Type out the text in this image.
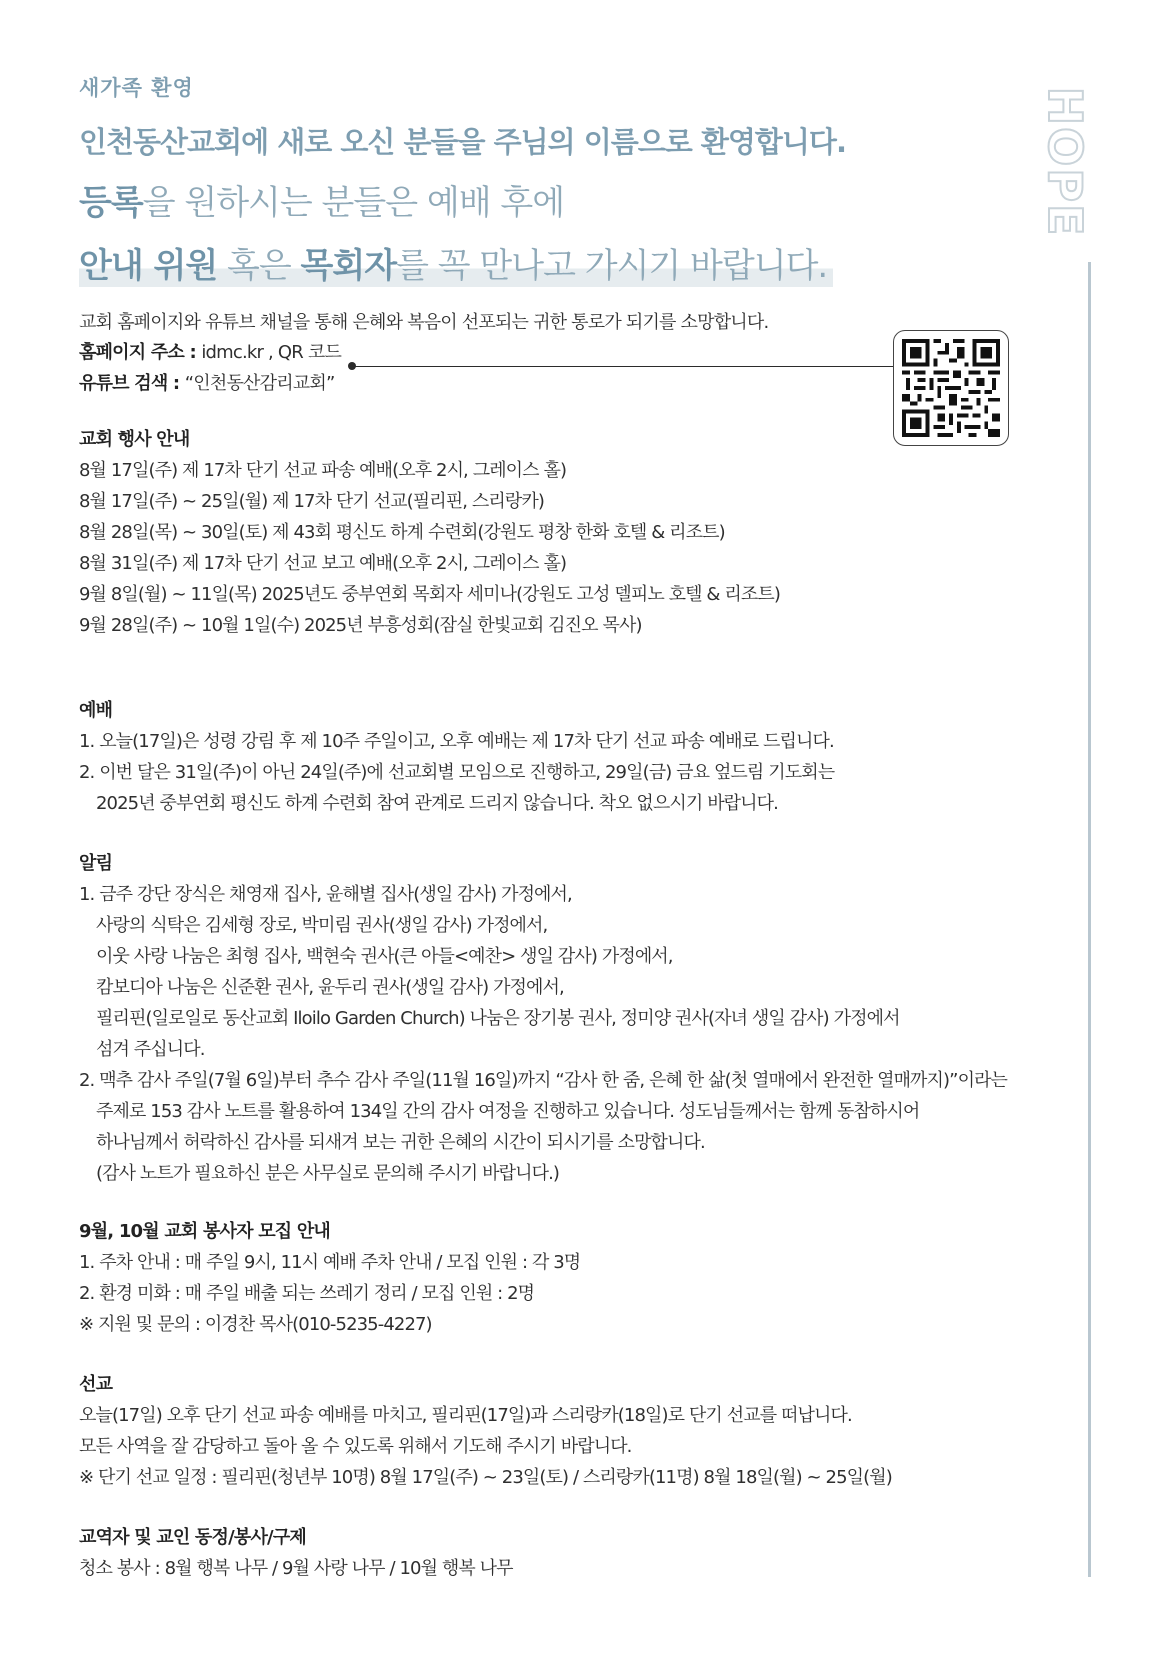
새가족 환영
인천동산교회에 새로 오신 분들을 주님의 이름으로 환영합니다.
등록을 원하시는 분들은 예배 후에
안내 위원 혹은 목회자를 꼭 만나고 가시기 바랍니다.
HOPE
교회 홈페이지와 유튜브 채널을 통해 은혜와 복음이 선포되는 귀한 통로가 되기를 소망합니다.
홈페이지 주소 : idmc.kr , QR 코드
유튜브 검색 : “인천동산감리교회”
교회 행사 안내
8월 17일(주) 제 17차 단기 선교 파송 예배(오후 2시, 그레이스 홀)
8월 17일(주) ~ 25일(월) 제 17차 단기 선교(필리핀, 스리랑카)
8월 28일(목) ~ 30일(토) 제 43회 평신도 하계 수련회(강원도 평창 한화 호텔 & 리조트)
8월 31일(주) 제 17차 단기 선교 보고 예배(오후 2시, 그레이스 홀)
9월 8일(월) ~ 11일(목) 2025년도 중부연회 목회자 세미나(강원도 고성 델피노 호텔 & 리조트)
9월 28일(주) ~ 10월 1일(수) 2025년 부흥성회(잠실 한빛교회 김진오 목사)
예배
1. 오늘(17일)은 성령 강림 후 제 10주 주일이고, 오후 예배는 제 17차 단기 선교 파송 예배로 드립니다.
2. 이번 달은 31일(주)이 아닌 24일(주)에 선교회별 모임으로 진행하고, 29일(금) 금요 엎드림 기도회는
2025년 중부연회 평신도 하계 수련회 참여 관계로 드리지 않습니다. 착오 없으시기 바랍니다.
알림
1. 금주 강단 장식은 채영재 집사, 윤해별 집사(생일 감사) 가정에서,
사랑의 식탁은 김세형 장로, 박미림 권사(생일 감사) 가정에서,
이웃 사랑 나눔은 최형 집사, 백현숙 권사(큰 아들<예찬> 생일 감사) 가정에서,
캄보디아 나눔은 신준환 권사, 윤두리 권사(생일 감사) 가정에서,
필리핀(일로일로 동산교회 Iloilo Garden Church) 나눔은 장기봉 권사, 정미양 권사(자녀 생일 감사) 가정에서
섬겨 주십니다.
2. 맥추 감사 주일(7월 6일)부터 추수 감사 주일(11월 16일)까지 “감사 한 줌, 은혜 한 삶(첫 열매에서 완전한 열매까지)”이라는
주제로 153 감사 노트를 활용하여 134일 간의 감사 여정을 진행하고 있습니다. 성도님들께서는 함께 동참하시어
하나님께서 허락하신 감사를 되새겨 보는 귀한 은혜의 시간이 되시기를 소망합니다.
(감사 노트가 필요하신 분은 사무실로 문의해 주시기 바랍니다.)
9월, 10월 교회 봉사자 모집 안내
1. 주차 안내 : 매 주일 9시, 11시 예배 주차 안내 / 모집 인원 : 각 3명
2. 환경 미화 : 매 주일 배출 되는 쓰레기 정리 / 모집 인원 : 2명
※ 지원 및 문의 : 이경찬 목사(010-5235-4227)
선교
오늘(17일) 오후 단기 선교 파송 예배를 마치고, 필리핀(17일)과 스리랑카(18일)로 단기 선교를 떠납니다.
모든 사역을 잘 감당하고 돌아 올 수 있도록 위해서 기도해 주시기 바랍니다.
※ 단기 선교 일정 : 필리핀(청년부 10명) 8월 17일(주) ~ 23일(토) / 스리랑카(11명) 8월 18일(월) ~ 25일(월)
교역자 및 교인 동정/봉사/구제
청소 봉사 : 8월 행복 나무 / 9월 사랑 나무 / 10월 행복 나무
